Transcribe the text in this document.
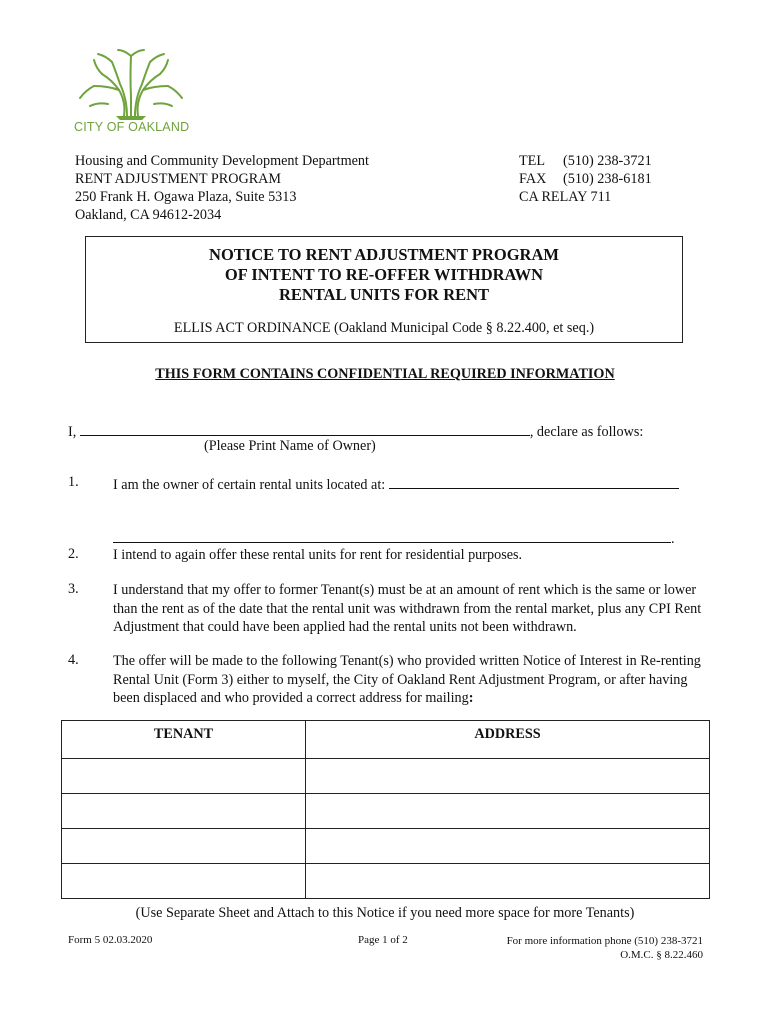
CITY OF OAKLAND
Housing and Community Development Department
RENT ADJUSTMENT PROGRAM
250 Frank H. Ogawa Plaza, Suite 5313
Oakland, CA 94612-2034
TEL (510) 238-3721
FAX (510) 238-6181
CA RELAY 711
NOTICE TO RENT ADJUSTMENT PROGRAM
OF INTENT TO RE-OFFER WITHDRAWN
RENTAL UNITS FOR RENT
ELLIS ACT ORDINANCE (Oakland Municipal Code § 8.22.400, et seq.)
THIS FORM CONTAINS CONFIDENTIAL REQUIRED INFORMATION
I,	, declare as follows:
(Please Print Name of Owner)
1. I am the owner of certain rental units located at:
.
2. I intend to again offer these rental units for rent for residential purposes.
3. I understand that my offer to former Tenant(s) must be at an amount of rent which is the same or lower than the rent as of the date that the rental unit was withdrawn from the rental market, plus any CPI Rent Adjustment that could have been applied had the rental units not been withdrawn.
4. The offer will be made to the following Tenant(s) who provided written Notice of Interest in Re-renting Rental Unit (Form 3) either to myself, the City of Oakland Rent Adjustment Program, or after having been displaced and who provided a correct address for mailing:
TENANT	ADDRESS

(Use Separate Sheet and Attach to this Notice if you need more space for more Tenants)
Form 5 02.03.2020	Page 1 of 2	For more information phone (510) 238-3721
O.M.C. § 8.22.460
